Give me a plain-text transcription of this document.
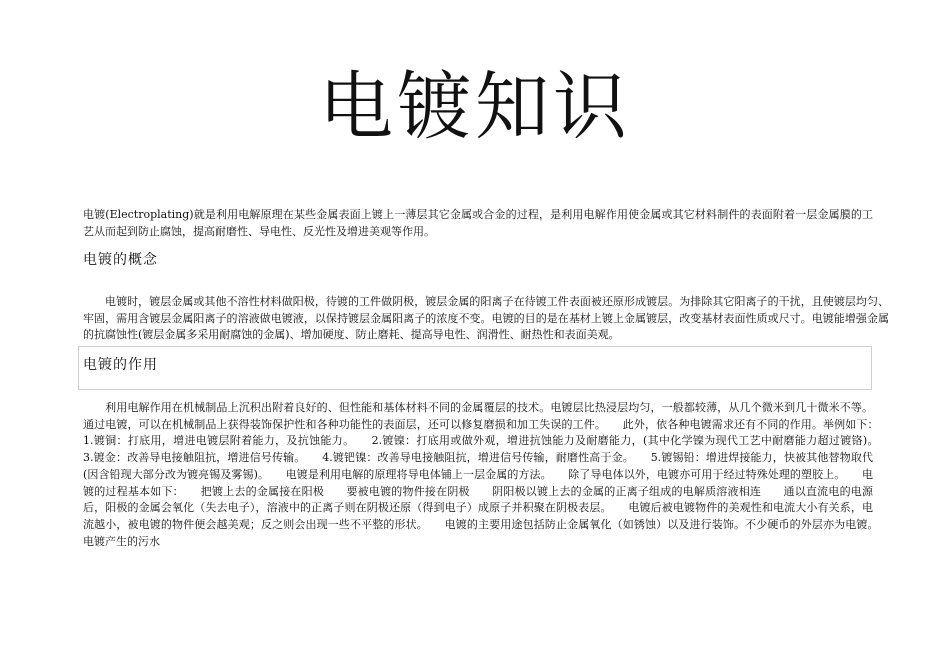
电镀知识

电镀(Electroplating)就是利用电解原理在某些金属表面上镀上一薄层其它金属或合金的过程，是利用电解作用使金属或其它材料制件的表面附着一层金属膜的工艺从而起到防止腐蚀，提高耐磨性、导电性、反光性及增进美观等作用。

电镀的概念

电镀时，镀层金属或其他不溶性材料做阳极，待镀的工件做阴极，镀层金属的阳离子在待镀工件表面被还原形成镀层。为排除其它阳离子的干扰，且使镀层均匀、牢固，需用含镀层金属阳离子的溶液做电镀液，以保持镀层金属阳离子的浓度不变。电镀的目的是在基材上镀上金属镀层，改变基材表面性质或尺寸。电镀能增强金属的抗腐蚀性(镀层金属多采用耐腐蚀的金属)、增加硬度、防止磨耗、提高导电性、润滑性、耐热性和表面美观。

电镀的作用

利用电解作用在机械制品上沉积出附着良好的、但性能和基体材料不同的金属覆层的技术。电镀层比热浸层均匀，一般都较薄，从几个微米到几十微米不等。通过电镀，可以在机械制品上获得装饰保护性和各种功能性的表面层，还可以修复磨损和加工失误的工件。　　此外，依各种电镀需求还有不同的作用。举例如下：　　1.镀铜：打底用，增进电镀层附着能力，及抗蚀能力。　　2.镀镍：打底用或做外观，增进抗蚀能力及耐磨能力，(其中化学镍为现代工艺中耐磨能力超过镀铬)。　　3.镀金：改善导电接触阻抗，增进信号传输。　　4.镀钯镍：改善导电接触阻抗，增进信号传输，耐磨性高于金。　　5.镀锡铅：增进焊接能力，快被其他替物取代(因含铅现大部分改为镀亮锡及雾锡)。　　电镀是利用电解的原理将导电体铺上一层金属的方法。　　除了导电体以外，电镀亦可用于经过特殊处理的塑胶上。　　电镀的过程基本如下：　　把镀上去的金属接在阳极　　要被电镀的物件接在阴极　　阴阳极以镀上去的金属的正离子组成的电解质溶液相连　　通以直流电的电源后，阳极的金属会氧化（失去电子），溶液中的正离子则在阴极还原（得到电子）成原子并积聚在阴极表层。　　电镀后被电镀物件的美观性和电流大小有关系，电流越小，被电镀的物件便会越美观；反之则会出现一些不平整的形状。　　电镀的主要用途包括防止金属氧化（如锈蚀）以及进行装饰。不少硬币的外层亦为电镀。　　电镀产生的污水
